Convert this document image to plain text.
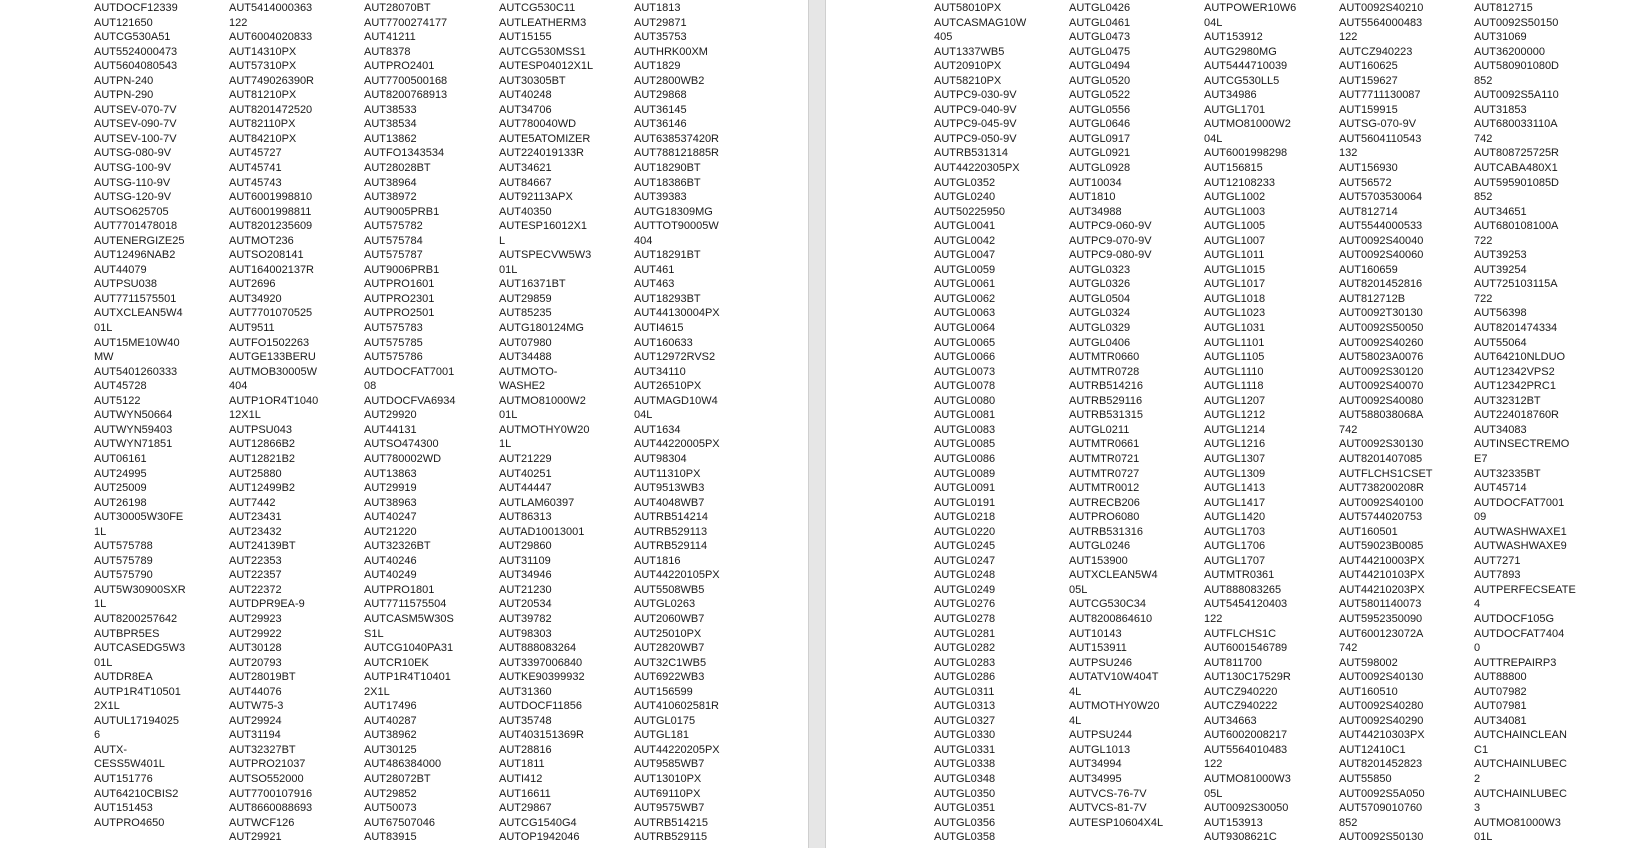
AUTDOCF12339
AUT121650
AUTCG530A51
AUT5524000473
AUT5604080543
AUTPN-240
AUTPN-290
AUTSEV-070-7V
AUTSEV-090-7V
AUTSEV-100-7V
AUTSG-080-9V
AUTSG-100-9V
AUTSG-110-9V
AUTSG-120-9V
AUTSO625705
AUT7701478018
AUTENERGIZE25
AUT12496NAB2
AUT44079
AUTPSU038
AUT7711575501
AUTXCLEAN5W4
01L
AUT15ME10W40
MW
AUT5401260333
AUT45728
AUT5122
AUTWYN50664
AUTWYN59403
AUTWYN71851
AUT06161
AUT24995
AUT25009
AUT26198
AUT30005W30FE
1L
AUT575788
AUT575789
AUT575790
AUT5W30900SXR
1L
AUT8200257642
AUTBPR5ES
AUTCASEDG5W3
01L
AUTDR8EA
AUTP1R4T10501
2X1L
AUTUL17194025
6
AUTX-
CESS5W401L
AUT151776
AUT64210CBIS2
AUT151453
AUTPRO4650
AUT5414000363
122
AUT6004020833
AUT14310PX
AUT57310PX
AUT749026390R
AUT81210PX
AUT8201472520
AUT82110PX
AUT84210PX
AUT45727
AUT45741
AUT45743
AUT6001998810
AUT6001998811
AUT8201235609
AUTMOT236
AUTSO208141
AUT164002137R
AUT2696
AUT34920
AUT7701070525
AUT9511
AUTFO1502263
AUTGE133BERU
AUTMOB30005W
404
AUTP1OR4T1040
12X1L
AUTPSU043
AUT12866B2
AUT12821B2
AUT25880
AUT12499B2
AUT7442
AUT23431
AUT23432
AUT24139BT
AUT22353
AUT22357
AUT22372
AUTDPR9EA-9
AUT29923
AUT29922
AUT30128
AUT20793
AUT28019BT
AUT44076
AUTW75-3
AUT29924
AUT31194
AUT32327BT
AUTPRO21037
AUTSO552000
AUT7700107916
AUT8660088693
AUTWCF126
AUT29921
AUT28070BT
AUT7700274177
AUT41211
AUT8378
AUTPRO2401
AUT7700500168
AUT8200768913
AUT38533
AUT38534
AUT13862
AUTFO1343534
AUT28028BT
AUT38964
AUT38972
AUT9005PRB1
AUT575782
AUT575784
AUT575787
AUT9006PRB1
AUTPRO1601
AUTPRO2301
AUTPRO2501
AUT575783
AUT575785
AUT575786
AUTDOCFAT7001
08
AUTDOCFVA6934
AUT29920
AUT44131
AUTSO474300
AUT780002WD
AUT13863
AUT29919
AUT38963
AUT40247
AUT21220
AUT32326BT
AUT40246
AUT40249
AUTPRO1801
AUT7711575504
AUTCASM5W30S
S1L
AUTCG1040PA31
AUTCR10EK
AUTP1R4T10401
2X1L
AUT17496
AUT40287
AUT38962
AUT30125
AUT486384000
AUT28072BT
AUT29852
AUT50073
AUT67507046
AUT83915
AUTCG530C11
AUTLEATHERM3
AUT15155
AUTCG530MSS1
AUTESP04012X1L
AUT30305BT
AUT40248
AUT34706
AUT780040WD
AUTE5ATOMIZER
AUT224019133R
AUT34621
AUT84667
AUT92113APX
AUT40350
AUTESP16012X1
L
AUTSPECVW5W3
01L
AUT16371BT
AUT29859
AUT85235
AUTG180124MG
AUT07980
AUT34488
AUTMOTO-
WASHE2
AUTMO81000W2
01L
AUTMOTHY0W20
1L
AUT21229
AUT40251
AUT44447
AUTLAM60397
AUT86313
AUTAD10013001
AUT29860
AUT31109
AUT34946
AUT21230
AUT20534
AUT39782
AUT98303
AUT888083264
AUT3397006840
AUTKE90399932
AUT31360
AUTDOCF11856
AUT35748
AUT403151369R
AUT28816
AUT1811
AUTI412
AUT16611
AUT29867
AUTCG1540G4
AUTOP1942046
AUT1813
AUT29871
AUT35753
AUTHRK00XM
AUT1829
AUT2800WB2
AUT29868
AUT36145
AUT36146
AUT638537420R
AUT788121885R
AUT18290BT
AUT18386BT
AUT39383
AUTG18309MG
AUTTOT90005W
404
AUT18291BT
AUT461
AUT463
AUT18293BT
AUT44130004PX
AUTI4615
AUT160633
AUT12972RVS2
AUT34110
AUT26510PX
AUTMAGD10W4
04L
AUT1634
AUT44220005PX
AUT98304
AUT11310PX
AUT9513WB3
AUT4048WB7
AUTRB514214
AUTRB529113
AUTRB529114
AUT1816
AUT44220105PX
AUT5508WB5
AUTGL0263
AUT2060WB7
AUT25010PX
AUT2820WB7
AUT32C1WB5
AUT6922WB3
AUT156599
AUT410602581R
AUTGL0175
AUTGL181
AUT44220205PX
AUT9585WB7
AUT13010PX
AUT69110PX
AUT9575WB7
AUTRB514215
AUTRB529115
AUT58010PX
AUTCASMAG10W
405
AUT1337WB5
AUT20910PX
AUT58210PX
AUTPC9-030-9V
AUTPC9-040-9V
AUTPC9-045-9V
AUTPC9-050-9V
AUTRB531314
AUT44220305PX
AUTGL0352
AUTGL0240
AUT50225950
AUTGL0041
AUTGL0042
AUTGL0047
AUTGL0059
AUTGL0061
AUTGL0062
AUTGL0063
AUTGL0064
AUTGL0065
AUTGL0066
AUTGL0073
AUTGL0078
AUTGL0080
AUTGL0081
AUTGL0083
AUTGL0085
AUTGL0086
AUTGL0089
AUTGL0091
AUTGL0191
AUTGL0218
AUTGL0220
AUTGL0245
AUTGL0247
AUTGL0248
AUTGL0249
AUTGL0276
AUTGL0278
AUTGL0281
AUTGL0282
AUTGL0283
AUTGL0286
AUTGL0311
AUTGL0313
AUTGL0327
AUTGL0330
AUTGL0331
AUTGL0338
AUTGL0348
AUTGL0350
AUTGL0351
AUTGL0356
AUTGL0358
AUTGL0426
AUTGL0461
AUTGL0473
AUTGL0475
AUTGL0494
AUTGL0520
AUTGL0522
AUTGL0556
AUTGL0646
AUTGL0917
AUTGL0921
AUTGL0928
AUT10034
AUT1810
AUT34988
AUTPC9-060-9V
AUTPC9-070-9V
AUTPC9-080-9V
AUTGL0323
AUTGL0326
AUTGL0504
AUTGL0324
AUTGL0329
AUTGL0406
AUTMTR0660
AUTMTR0728
AUTRB514216
AUTRB529116
AUTRB531315
AUTGL0211
AUTMTR0661
AUTMTR0721
AUTMTR0727
AUTMTR0012
AUTRECB206
AUTPRO6080
AUTRB531316
AUTGL0246
AUT153900
AUTXCLEAN5W4
05L
AUTCG530C34
AUT8200864610
AUT10143
AUT153911
AUTPSU246
AUTATV10W404T
4L
AUTMOTHY0W20
4L
AUTPSU244
AUTGL1013
AUT34994
AUT34995
AUTVCS-76-7V
AUTVCS-81-7V
AUTESP10604X4L
AUTPOWER10W6
04L
AUT153912
AUTG2980MG
AUT5444710039
AUTCG530LL5
AUT34986
AUTGL1701
AUTMO81000W2
04L
AUT6001998298
AUT156815
AUT12108233
AUTGL1002
AUTGL1003
AUTGL1005
AUTGL1007
AUTGL1011
AUTGL1015
AUTGL1017
AUTGL1018
AUTGL1023
AUTGL1031
AUTGL1101
AUTGL1105
AUTGL1110
AUTGL1118
AUTGL1207
AUTGL1212
AUTGL1214
AUTGL1216
AUTGL1307
AUTGL1309
AUTGL1413
AUTGL1417
AUTGL1420
AUTGL1703
AUTGL1706
AUTGL1707
AUTMTR0361
AUT888083265
AUT5454120403
122
AUTFLCHS1C
AUT6001546789
AUT811700
AUT130C17529R
AUTCZ940220
AUTCZ940222
AUT34663
AUT6002008217
AUT5564010483
122
AUTMO81000W3
05L
AUT0092S30050
AUT153913
AUT9308621C
AUT0092S40210
AUT5564000483
122
AUTCZ940223
AUT160625
AUT159627
AUT7711130087
AUT159915
AUTSG-070-9V
AUT5604110543
132
AUT156930
AUT56572
AUT5703530064
AUT812714
AUT5544000533
AUT0092S40040
AUT0092S40060
AUT160659
AUT8201452816
AUT812712B
AUT0092T30130
AUT0092S50050
AUT0092S40260
AUT58023A0076
AUT0092S30120
AUT0092S40070
AUT0092S40080
AUT588038068A
742
AUT0092S30130
AUT8201407085
AUTFLCHS1CSET
AUT738200208R
AUT0092S40100
AUT5744020753
AUT160501
AUT59023B0085
AUT44210003PX
AUT44210103PX
AUT44210203PX
AUT5801140073
AUT5952350090
AUT600123072A
742
AUT598002
AUT0092S40130
AUT160510
AUT0092S40280
AUT0092S40290
AUT44210303PX
AUT12410C1
AUT8201452823
AUT55850
AUT0092S5A050
AUT5709010760
852
AUT0092S50130
AUT812715
AUT0092S50150
AUT31069
AUT36200000
AUT580901080D
852
AUT0092S5A110
AUT31853
AUT680033110A
742
AUT808725725R
AUTCABA480X1
AUT595901085D
852
AUT34651
AUT680108100A
722
AUT39253
AUT39254
AUT725103115A
722
AUT56398
AUT8201474334
AUT55064
AUT64210NLDUO
AUT12342VPS2
AUT12342PRC1
AUT32312BT
AUT224018760R
AUT34083
AUTINSECTREMO
E7
AUT32335BT
AUT45714
AUTDOCFAT7001
09
AUTWASHWAXE1
AUTWASHWAXE9
AUT7271
AUT7893
AUTPERFECSEATE
4
AUTDOCF105G
AUTDOCFAT7404
0
AUTTREPAIRP3
AUT88800
AUT07982
AUT07981
AUT34081
AUTCHAINCLEAN
C1
AUTCHAINLUBEC
2
AUTCHAINLUBEC
3
AUTMO81000W3
01L
